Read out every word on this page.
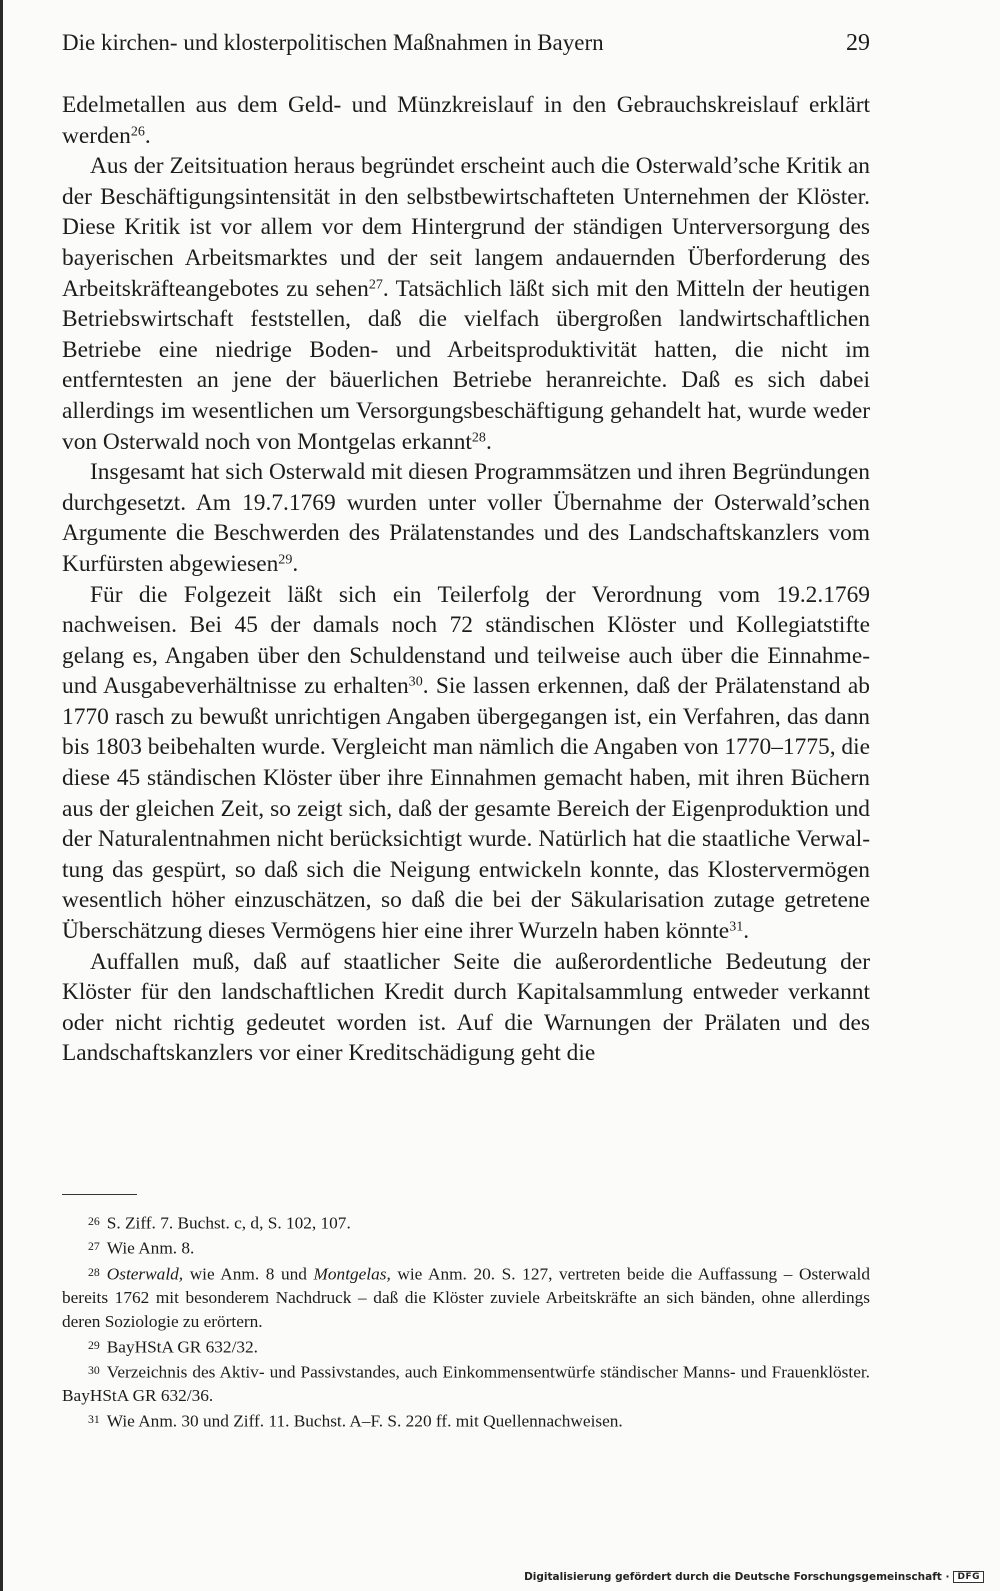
Die kirchen- und klosterpolitischen Maßnahmen in Bayern	29

Edelmetallen aus dem Geld- und Münzkreislauf in den Gebrauchskreislauf erklärt werden$^{26}$.

Aus der Zeitsituation heraus begründet erscheint auch die Osterwald’sche Kritik an der Beschäftigungsintensität in den selbstbewirtschafteten Unternehmen der Klöster. Diese Kritik ist vor allem vor dem Hintergrund der ständigen Unterversorgung des bayerischen Arbeitsmarktes und der seit langem andauernden Überforderung des Arbeitskräfteangebotes zu sehen$^{27}$. Tatsächlich läßt sich mit den Mitteln der heutigen Betriebswirtschaft feststellen, daß die vielfach übergroßen landwirtschaftlichen Betriebe eine niedrige Boden- und Arbeitsproduktivität hatten, die nicht im entferntesten an jene der bäuerlichen Betriebe heranreichte. Daß es sich dabei allerdings im wesentlichen um Versorgungsbeschäftigung gehandelt hat, wurde weder von Osterwald noch von Montgelas erkannt$^{28}$.

Insgesamt hat sich Osterwald mit diesen Programmsätzen und ihren Begründungen durchgesetzt. Am 19.7.1769 wurden unter voller Übernahme der Osterwald’schen Argumente die Beschwerden des Prälatenstandes und des Landschaftskanzlers vom Kurfürsten abgewiesen$^{29}$.

Für die Folgezeit läßt sich ein Teilerfolg der Verordnung vom 19.2.1769 nachweisen. Bei 45 der damals noch 72 ständischen Klöster und Kollegiatstifte gelang es, Angaben über den Schuldenstand und teilweise auch über die Einnahme- und Ausgabeverhältnisse zu erhalten$^{30}$. Sie lassen erkennen, daß der Prälatenstand ab 1770 rasch zu bewußt unrichtigen Angaben übergegangen ist, ein Verfahren, das dann bis 1803 beibehalten wurde. Vergleicht man nämlich die Angaben von 1770–1775, die diese 45 ständischen Klöster über ihre Einnahmen gemacht haben, mit ihren Büchern aus der gleichen Zeit, so zeigt sich, daß der gesamte Bereich der Eigenproduktion und der Naturalentnahmen nicht berücksichtigt wurde. Natürlich hat die staatliche Verwaltung das gespürt, so daß sich die Neigung entwickeln konnte, das Klostervermögen wesentlich höher einzuschätzen, so daß die bei der Säkularisation zutage getretene Überschätzung dieses Vermögens hier eine ihrer Wurzeln haben könnte$^{31}$.

Auffallen muß, daß auf staatlicher Seite die außerordentliche Bedeutung der Klöster für den landschaftlichen Kredit durch Kapitalsammlung entweder verkannt oder nicht richtig gedeutet worden ist. Auf die Warnungen der Prälaten und des Landschaftskanzlers vor einer Kreditschädigung geht die

$^{26}$ S. Ziff. 7. Buchst. c, d, S. 102, 107.

$^{27}$ Wie Anm. 8.

$^{28}$ Osterwald, wie Anm. 8 und Montgelas, wie Anm. 20. S. 127, vertreten beide die Auffassung – Osterwald bereits 1762 mit besonderem Nachdruck – daß die Klöster zuviele Arbeitskräfte an sich bänden, ohne allerdings deren Soziologie zu erörtern.

$^{29}$ BayHStA GR 632/32.

$^{30}$ Verzeichnis des Aktiv- und Passivstandes, auch Einkommensentwürfe ständischer Manns- und Frauenklöster. BayHStA GR 632/36.

$^{31}$ Wie Anm. 30 und Ziff. 11. Buchst. A–F. S. 220 ff. mit Quellennachweisen.

Digitalisierung gefördert durch die Deutsche Forschungsgemeinschaft · DFG
